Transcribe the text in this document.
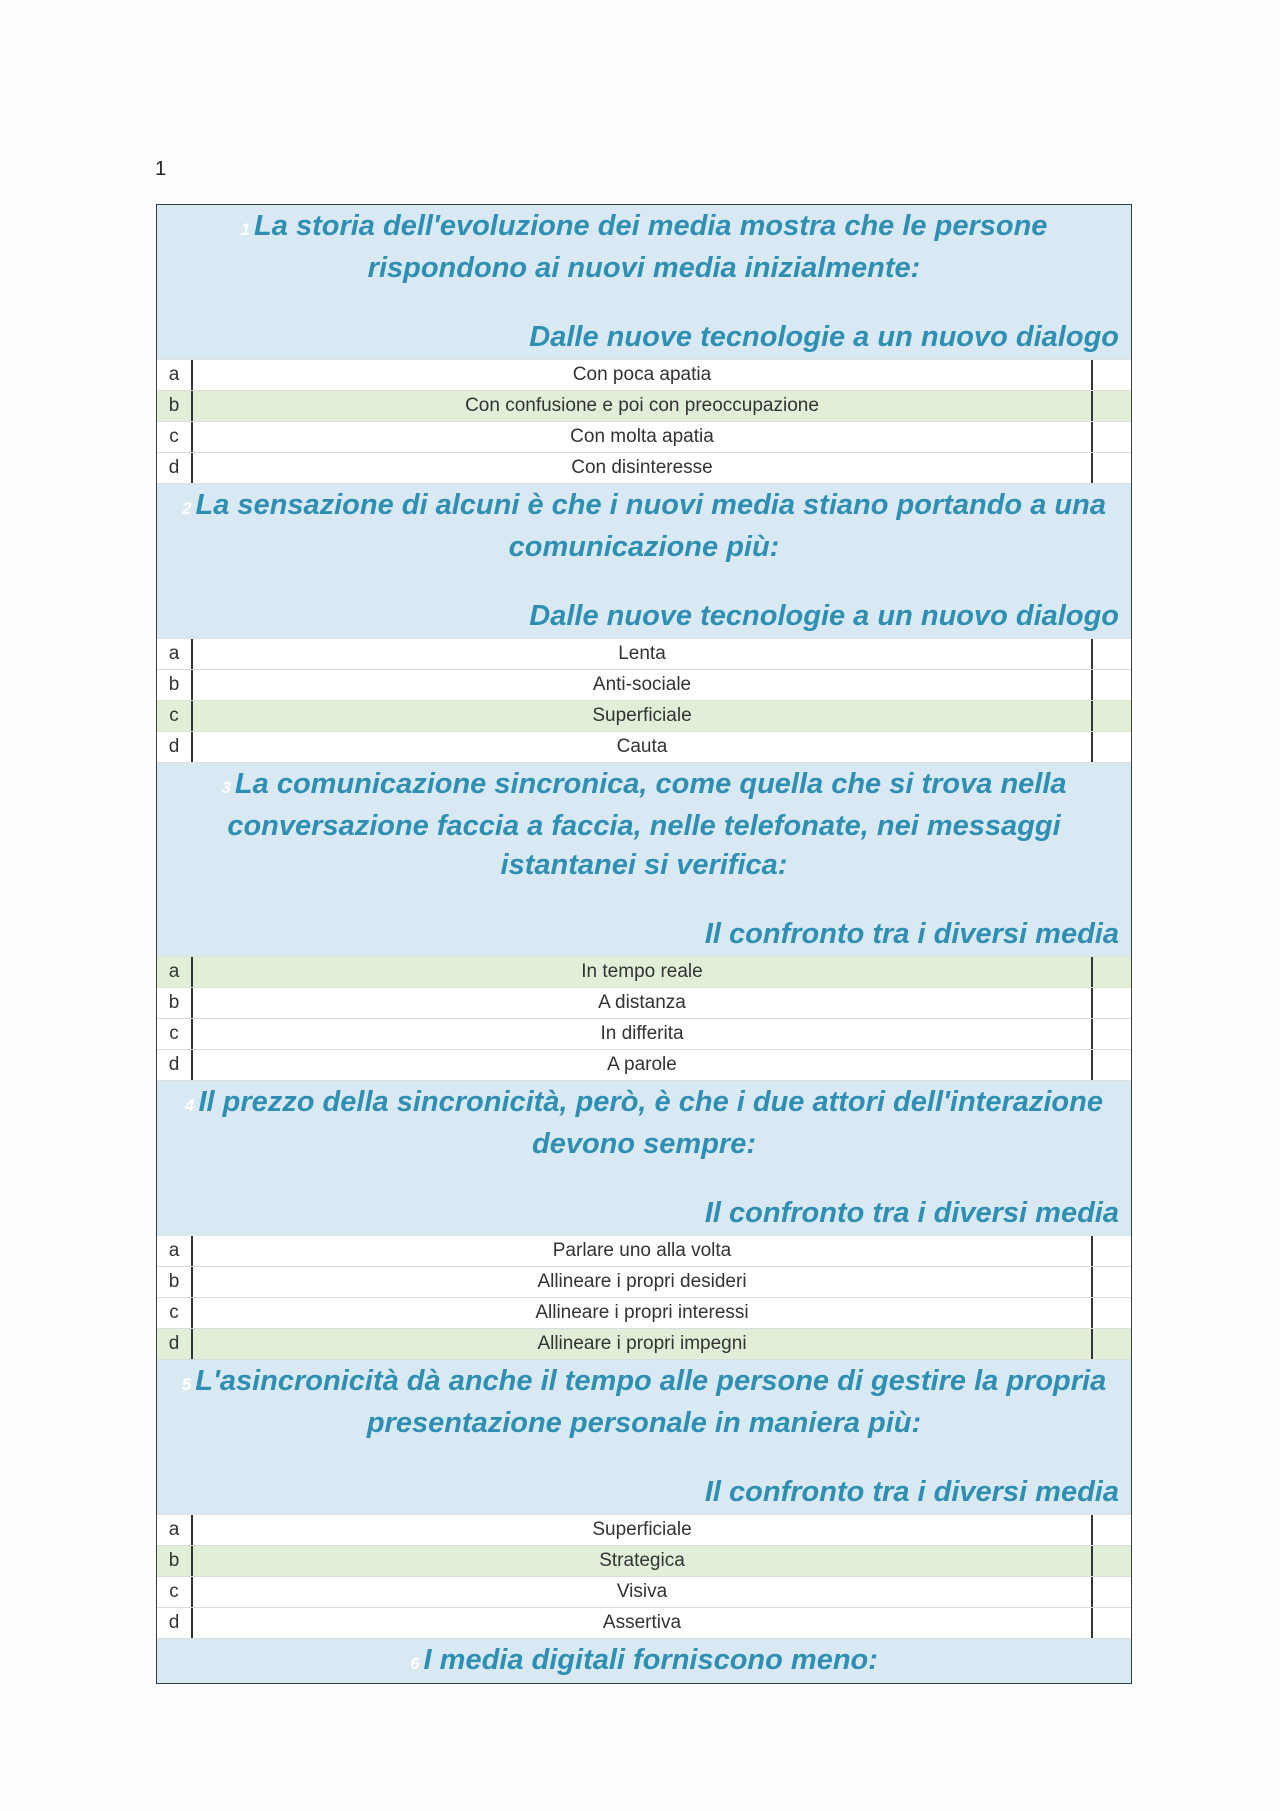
1
1 La storia dell'evoluzione dei media mostra che le persone rispondono ai nuovi media inizialmente:
Dalle nuove tecnologie a un nuovo dialogo
a	Con poca apatia
b	Con confusione e poi con preoccupazione
c	Con molta apatia
d	Con disinteresse
2 La sensazione di alcuni è che i nuovi media stiano portando a una comunicazione più:
Dalle nuove tecnologie a un nuovo dialogo
a	Lenta
b	Anti-sociale
c	Superficiale
d	Cauta
3 La comunicazione sincronica, come quella che si trova nella conversazione faccia a faccia, nelle telefonate, nei messaggi istantanei si verifica:
Il confronto tra i diversi media
a	In tempo reale
b	A distanza
c	In differita
d	A parole
4 Il prezzo della sincronicità, però, è che i due attori dell'interazione devono sempre:
Il confronto tra i diversi media
a	Parlare uno alla volta
b	Allineare i propri desideri
c	Allineare i propri interessi
d	Allineare i propri impegni
5 L'asincronicità dà anche il tempo alle persone di gestire la propria presentazione personale in maniera più:
Il confronto tra i diversi media
a	Superficiale
b	Strategica
c	Visiva
d	Assertiva
6 I media digitali forniscono meno:
